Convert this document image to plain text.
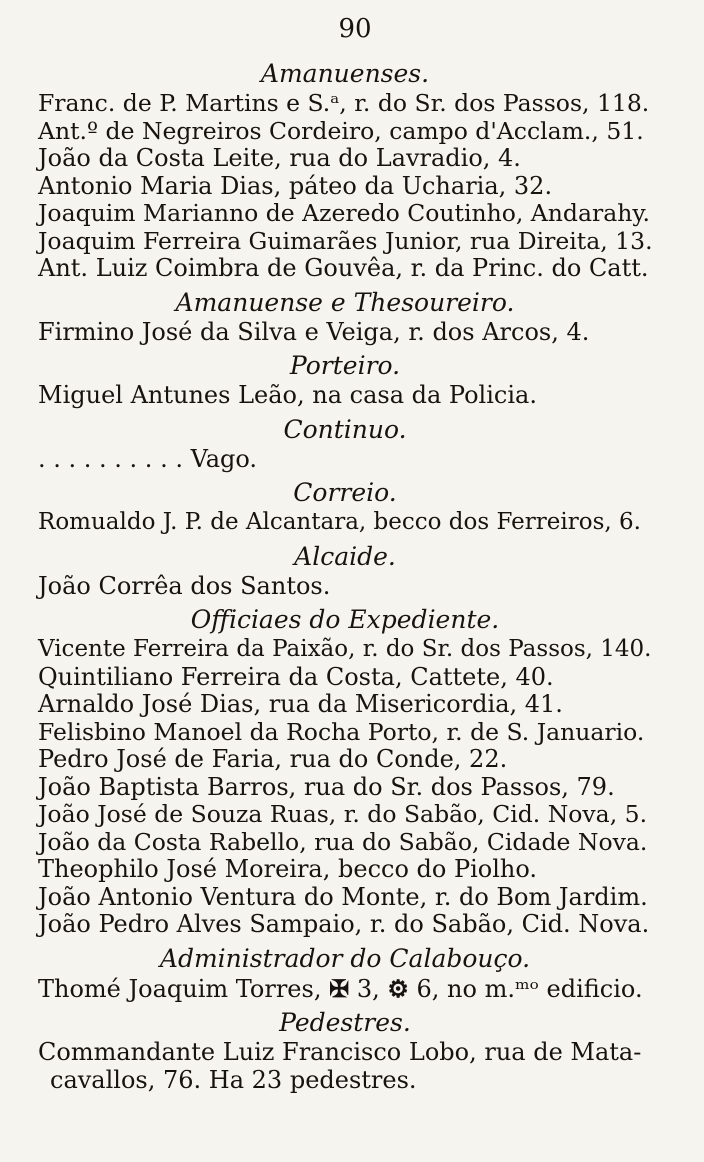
90
Amanuenses.
Franc. de P. Martins e S.ᵃ, r. do Sr. dos Passos, 118.
Ant.º de Negreiros Cordeiro, campo d'Acclam., 51.
João da Costa Leite, rua do Lavradio, 4.
Antonio Maria Dias, páteo da Ucharia, 32.
Joaquim Marianno de Azeredo Coutinho, Andarahy.
Joaquim Ferreira Guimarães Junior, rua Direita, 13.
Ant. Luiz Coimbra de Gouvêa, r. da Princ. do Catt.
Amanuense e Thesoureiro.
Firmino José da Silva e Veiga, r. dos Arcos, 4.
Porteiro.
Miguel Antunes Leão, na casa da Policia.
Continuo.
. . . . . . . . . . Vago.
Correio.
Romualdo J. P. de Alcantara, becco dos Ferreiros, 6.
Alcaide.
João Corrêa dos Santos.
Officiaes do Expediente.
Vicente Ferreira da Paixão, r. do Sr. dos Passos, 140.
Quintiliano Ferreira da Costa, Cattete, 40.
Arnaldo José Dias, rua da Misericordia, 41.
Felisbino Manoel da Rocha Porto, r. de S. Januario.
Pedro José de Faria, rua do Conde, 22.
João Baptista Barros, rua do Sr. dos Passos, 79.
João José de Souza Ruas, r. do Sabão, Cid. Nova, 5.
João da Costa Rabello, rua do Sabão, Cidade Nova.
Theophilo José Moreira, becco do Piolho.
João Antonio Ventura do Monte, r. do Bom Jardim.
João Pedro Alves Sampaio, r. do Sabão, Cid. Nova.
Administrador do Calabouço.
Thomé Joaquim Torres, ✠ 3, ⚙ 6, no m.ᵐᵒ edificio.
Pedestres.
Commandante Luiz Francisco Lobo, rua de Mata-
cavallos, 76. Ha 23 pedestres.
